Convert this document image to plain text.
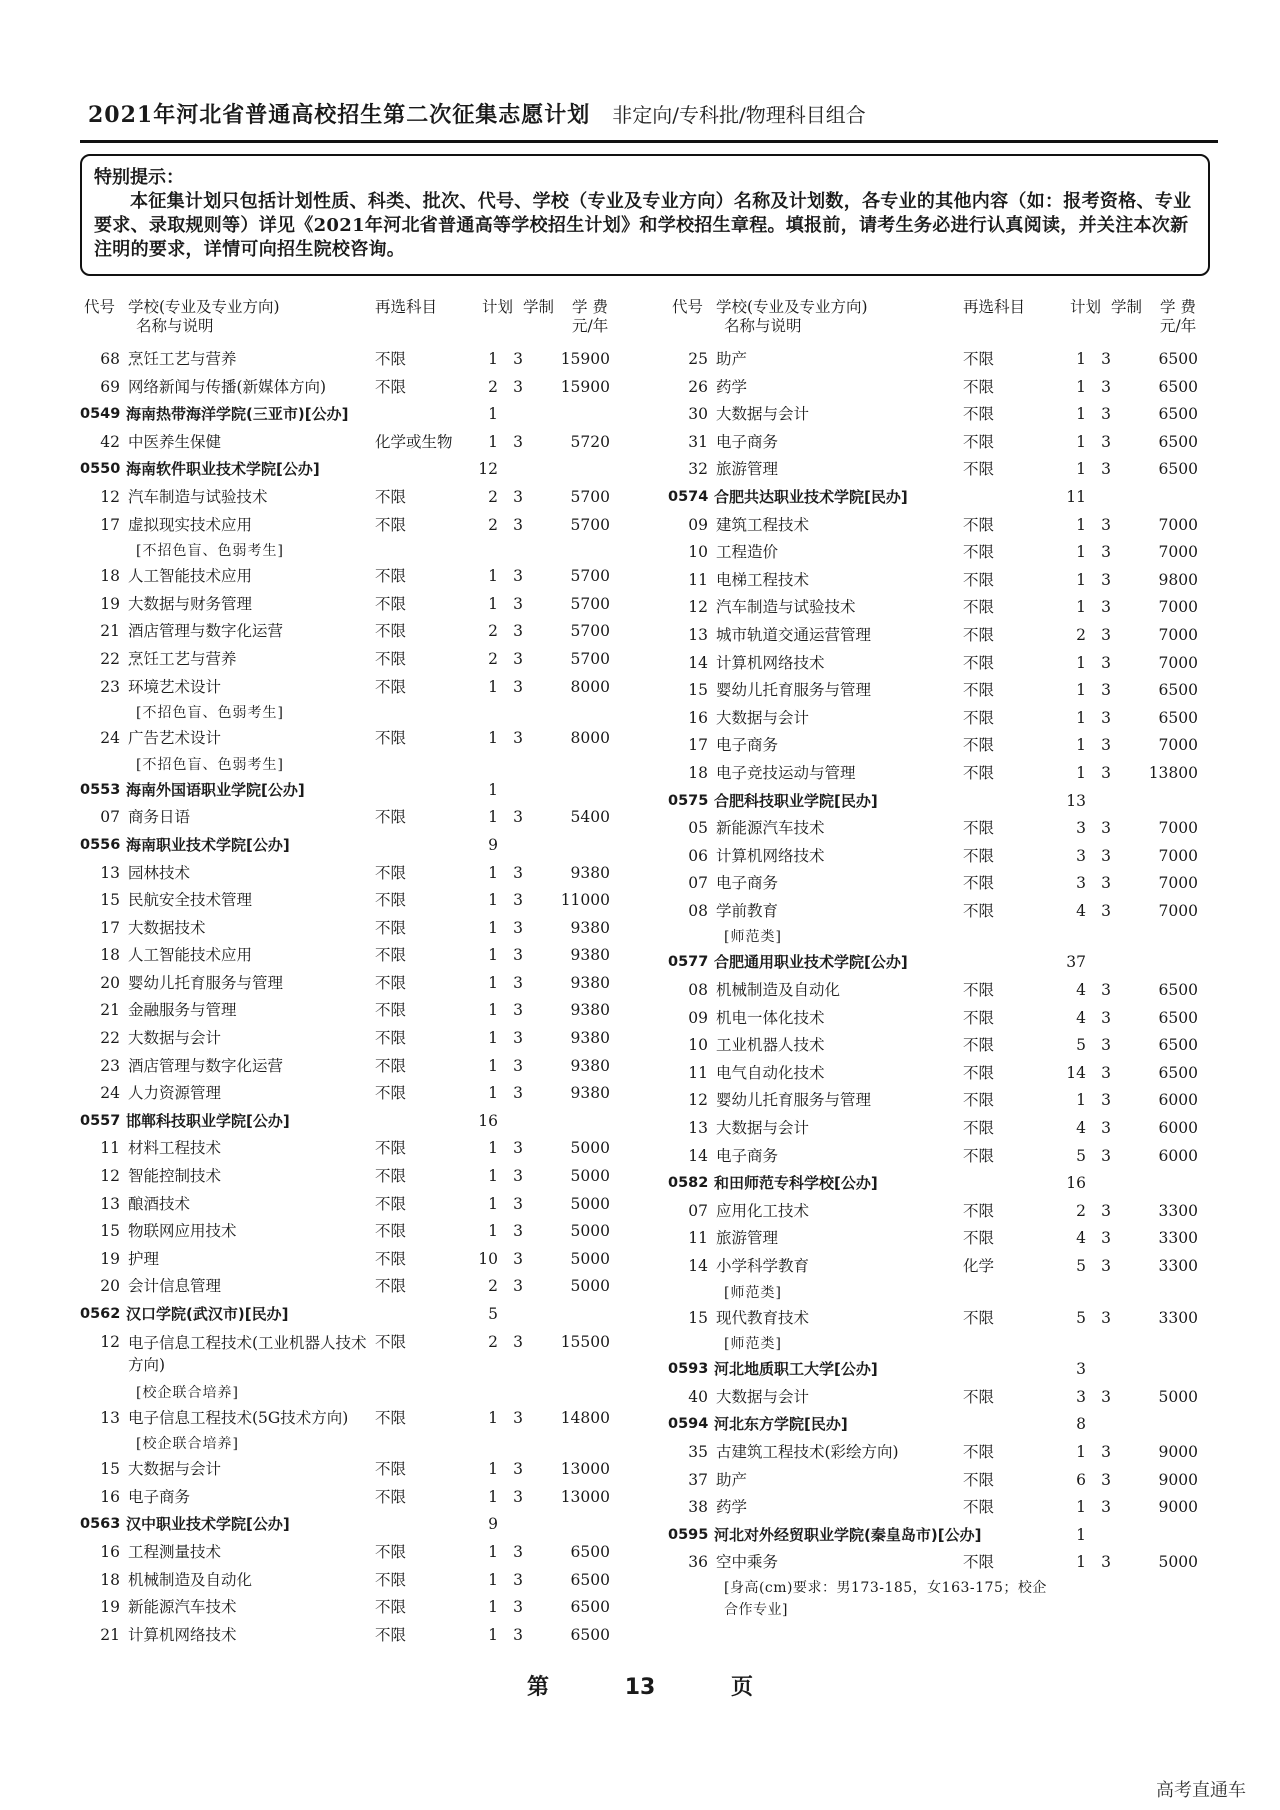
2021年河北省普通高校招生第二次征集志愿计划 非定向/专科批/物理科目组合
特别提示：
本征集计划只包括计划性质、科类、批次、代号、学校（专业及专业方向）名称及计划数，各专业的其他内容（如：报考资格、专业要求、录取规则等）详见《2021年河北省普通高等学校招生计划》和学校招生章程。填报前，请考生务必进行认真阅读，并关注本次新注明的要求，详情可向招生院校咨询。
代号 学校(专业及专业方向)
名称与说明
再选科目	计划 学制 学 费
元/年
68 烹饪工艺与营养	不限	1 3	15900
69 网络新闻与传播(新媒体方向)	不限	2 3	15900
0549 海南热带海洋学院(三亚市)[公办]	1
42 中医养生保健	化学或生物	1 3	5720
0550 海南软件职业技术学院[公办]	12
12 汽车制造与试验技术	不限	2 3	5700
17 虚拟现实技术应用	不限	2 3	5700
[不招色盲、色弱考生]
18 人工智能技术应用	不限	1 3	5700
19 大数据与财务管理	不限	1 3	5700
21 酒店管理与数字化运营	不限	2 3	5700
22 烹饪工艺与营养	不限	2 3	5700
23 环境艺术设计	不限	1 3	8000
[不招色盲、色弱考生]
24 广告艺术设计	不限	1 3	8000
[不招色盲、色弱考生]
0553 海南外国语职业学院[公办]	1
07 商务日语	不限	1 3	5400
0556 海南职业技术学院[公办]	9
13 园林技术	不限	1 3	9380
15 民航安全技术管理	不限	1 3	11000
17 大数据技术	不限	1 3	9380
18 人工智能技术应用	不限	1 3	9380
20 婴幼儿托育服务与管理	不限	1 3	9380
21 金融服务与管理	不限	1 3	9380
22 大数据与会计	不限	1 3	9380
23 酒店管理与数字化运营	不限	1 3	9380
24 人力资源管理	不限	1 3	9380
0557 邯郸科技职业学院[公办]	16
11 材料工程技术	不限	1 3	5000
12 智能控制技术	不限	1 3	5000
13 酿酒技术	不限	1 3	5000
15 物联网应用技术	不限	1 3	5000
19 护理	不限	10 3	5000
20 会计信息管理	不限	2 3	5000
0562 汉口学院(武汉市)[民办]	5
12 电子信息工程技术(工业机器人技术方向)
不限	2 3	15500
[校企联合培养]
13 电子信息工程技术(5G技术方向) 不限	1 3	14800
[校企联合培养]
15 大数据与会计	不限	1 3	13000
16 电子商务	不限	1 3	13000
0563 汉中职业技术学院[公办]	9
16 工程测量技术	不限	1 3	6500
18 机械制造及自动化	不限	1 3	6500
19 新能源汽车技术	不限	1 3	6500
21 计算机网络技术	不限	1 3	6500
代号 学校(专业及专业方向)
名称与说明
再选科目	计划 学制 学 费
元/年
25 助产	不限	1 3	6500
26 药学	不限	1 3	6500
30 大数据与会计	不限	1 3	6500
31 电子商务	不限	1 3	6500
32 旅游管理	不限	1 3	6500
0574 合肥共达职业技术学院[民办]	11
09 建筑工程技术	不限	1 3	7000
10 工程造价	不限	1 3	7000
11 电梯工程技术	不限	1 3	9800
12 汽车制造与试验技术	不限	1 3	7000
13 城市轨道交通运营管理	不限	2 3	7000
14 计算机网络技术	不限	1 3	7000
15 婴幼儿托育服务与管理	不限	1 3	6500
16 大数据与会计	不限	1 3	6500
17 电子商务	不限	1 3	7000
18 电子竞技运动与管理	不限	1 3	13800
0575 合肥科技职业学院[民办]	13
05 新能源汽车技术	不限	3 3	7000
06 计算机网络技术	不限	3 3	7000
07 电子商务	不限	3 3	7000
08 学前教育	不限	4 3	7000
[师范类]
0577 合肥通用职业技术学院[公办]	37
08 机械制造及自动化	不限	4 3	6500
09 机电一体化技术	不限	4 3	6500
10 工业机器人技术	不限	5 3	6500
11 电气自动化技术	不限	14 3	6500
12 婴幼儿托育服务与管理	不限	1 3	6000
13 大数据与会计	不限	4 3	6000
14 电子商务	不限	5 3	6000
0582 和田师范专科学校[公办]	16
07 应用化工技术	不限	2 3	3300
11 旅游管理	不限	4 3	3300
14 小学科学教育	化学	5 3	3300
[师范类]
15 现代教育技术	不限	5 3	3300
[师范类]
0593 河北地质职工大学[公办]	3
40 大数据与会计	不限	3 3	5000
0594 河北东方学院[民办]	8
35 古建筑工程技术(彩绘方向)	不限	1 3	9000
37 助产	不限	6 3	9000
38 药学	不限	1 3	9000
0595 河北对外经贸职业学院(秦皇岛市)[公办]	1
36 空中乘务	不限	1 3	5000
[身高(cm)要求：男173-185，女163-175；校企合作专业]
第	13	页
高考直通车
